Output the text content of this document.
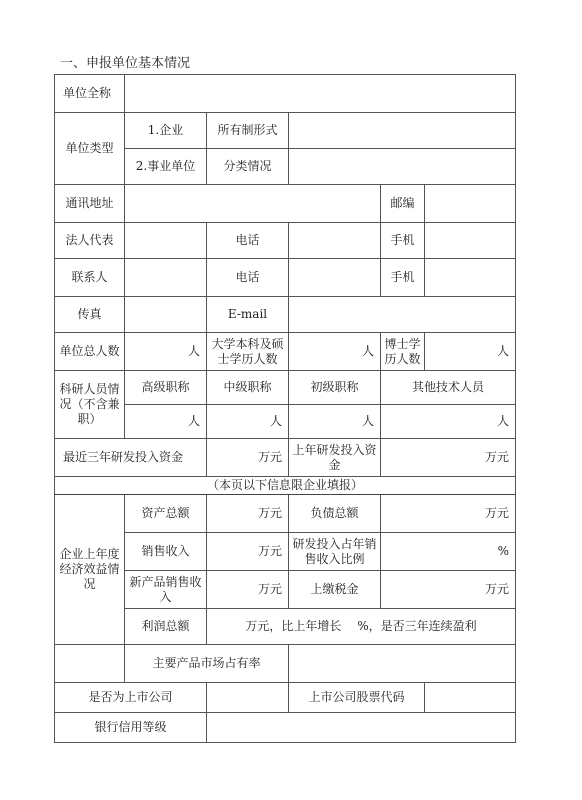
一、申报单位基本情况
单位全称					
单位类型	1.企业	所有制形式			
	2.事业单位	分类情况			
通讯地址				邮编	
法人代表		电话		手机	
联系人		电话		手机	
传真		E-mail			
单位总人数	人	大学本科及硕士学历人数	人	博士学历人数	人
科研人员情况（不含兼职）	高级职称	中级职称	初级职称	其他技术人员	
	人	人	人	人	
最近三年研发投入资金		万元	上年研发投入资金	万元	
（本页以下信息限企业填报）					
企业上年度经济效益情况	资产总额	万元	负债总额	万元	
	销售收入	万元	研发投入占年销售收入比例	%	
	新产品销售收入	万元	上缴税金	万元	
	利润总额	万元，比上年增长　 %，是否三年连续盈利			
	主要产品市场占有率				
是否为上市公司			上市公司股票代码		
银行信用等级					
